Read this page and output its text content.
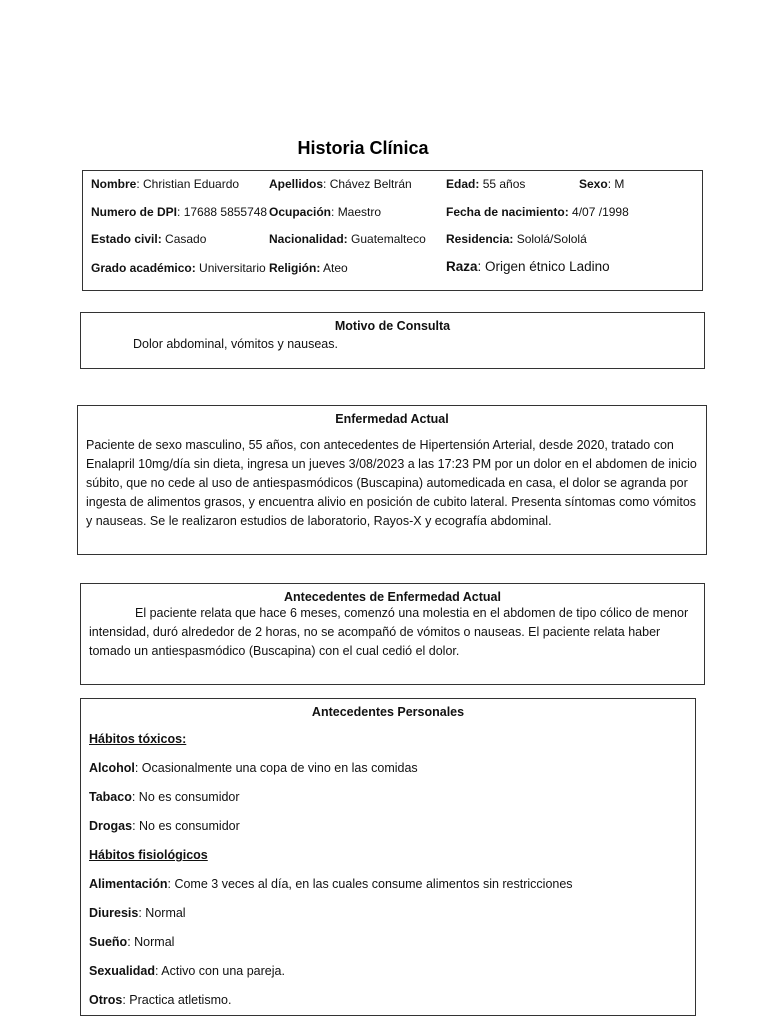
Historia Clínica
Nombre: Christian Eduardo Apellidos: Chávez Beltrán	Edad: 55 años	Sexo: M
Numero de DPI: 17688 5855748 Ocupación: Maestro	Fecha de nacimiento: 4/07 /1998
Estado civil: Casado	Nacionalidad: Guatemalteco Residencia: Sololá/Sololá
Grado académico: Universitario Religión: Ateo	Raza: Origen étnico Ladino

Motivo de Consulta

Dolor abdominal, vómitos y nauseas.

Enfermedad Actual

Paciente de sexo masculino, 55 años, con antecedentes de Hipertensión Arterial, desde 2020, tratado con Enalapril 10mg/día sin dieta, ingresa un jueves 3/08/2023 a las 17:23 PM por un dolor en el abdomen de inicio súbito, que no cede al uso de antiespasmódicos (Buscapina) automedicada en casa, el dolor se agranda por ingesta de alimentos grasos, y encuentra alivio en posición de cubito lateral. Presenta síntomas como vómitos y nauseas. Se le realizaron estudios de laboratorio, Rayos-X y ecografía abdominal.

Antecedentes de Enfermedad Actual

El paciente relata que hace 6 meses, comenzó una molestia en el abdomen de tipo cólico de menor intensidad, duró alrededor de 2 horas, no se acompañó de vómitos o nauseas. El paciente relata haber tomado un antiespasmódico (Buscapina) con el cual cedió el dolor.

Antecedentes Personales

Hábitos tóxicos:

Alcohol: Ocasionalmente una copa de vino en las comidas

Tabaco: No es consumidor

Drogas: No es consumidor

Hábitos fisiológicos

Alimentación: Come 3 veces al día, en las cuales consume alimentos sin restricciones

Diuresis: Normal

Sueño: Normal

Sexualidad: Activo con una pareja.

Otros: Practica atletismo.
